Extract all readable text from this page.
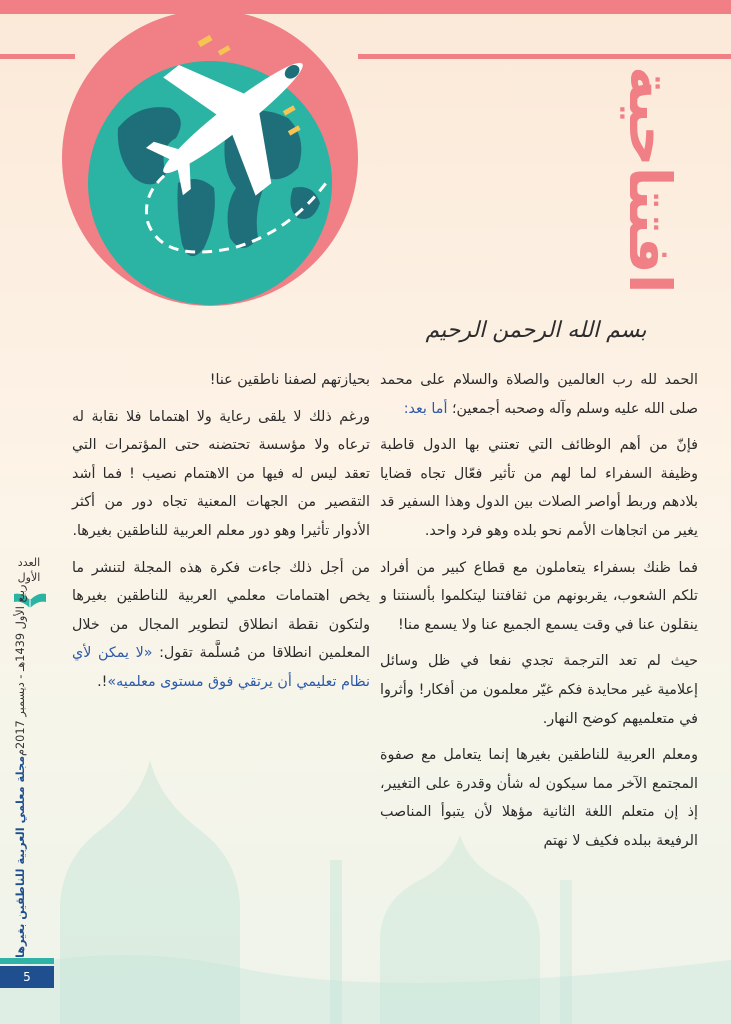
افتتاحية
بسم الله الرحمن الرحيم

الحمد لله رب العالمين والصلاة والسلام على محمد صلى الله عليه وسلم وآله وصحبه أجمعين؛ أما بعد:

فإنّ من أهم الوظائف التي تعتني بها الدول قاطبة وظيفة السفراء لما لهم من تأثير فعّال تجاه قضايا بلادهم وربط أواصر الصلات بين الدول وهذا السفير قد يغير من اتجاهات الأمم نحو بلده وهو فرد واحد.

فما ظنك بسفراء يتعاملون مع قطاع كبير من أفراد تلكم الشعوب، يقربونهم من ثقافتنا ليتكلموا بألسنتنا و ينقلون عنا في وقت يسمع الجميع عنا ولا يسمع منا!

حيث لم تعد الترجمة تجدي نفعا في ظل وسائل إعلامية غير محايدة فكم غيّر معلمون من أفكار! وأثروا في متعلميهم كوضح النهار.

ومعلم العربية للناطقين بغيرها إنما يتعامل مع صفوة المجتمع الآخر مما سيكون له شأن وقدرة على التغيير، إذ إن متعلم اللغة الثانية مؤهلا لأن يتبوأ المناصب الرفيعة ببلده فكيف لا نهتم

بحيازتهم لصفنا ناطقين عنا!

ورغم ذلك لا يلقى رعاية ولا اهتماما فلا نقابة له ترعاه ولا مؤسسة تحتضنه حتى المؤتمرات التي تعقد ليس له فيها من الاهتمام نصيب ! فما أشد التقصير من الجهات المعنية تجاه دور من أكثر الأدوار تأثيرا وهو دور معلم العربية للناطقين بغيرها.

من أجل ذلك جاءت فكرة هذه المجلة لتنشر ما يخص اهتمامات معلمي العربية للناطقين بغيرها ولتكون نقطة انطلاق لتطوير المجال من خلال المعلمين انطلاقا من مُسلَّمة تقول: «لا يمكن لأي نظام تعليمي أن يرتقي فوق مستوى معلميه»!.

العدد
الأول
مجلة معلمي العربية للناطقين بغيرها
ربيع الأول 1439هـ - ديسمبر 2017م
5
